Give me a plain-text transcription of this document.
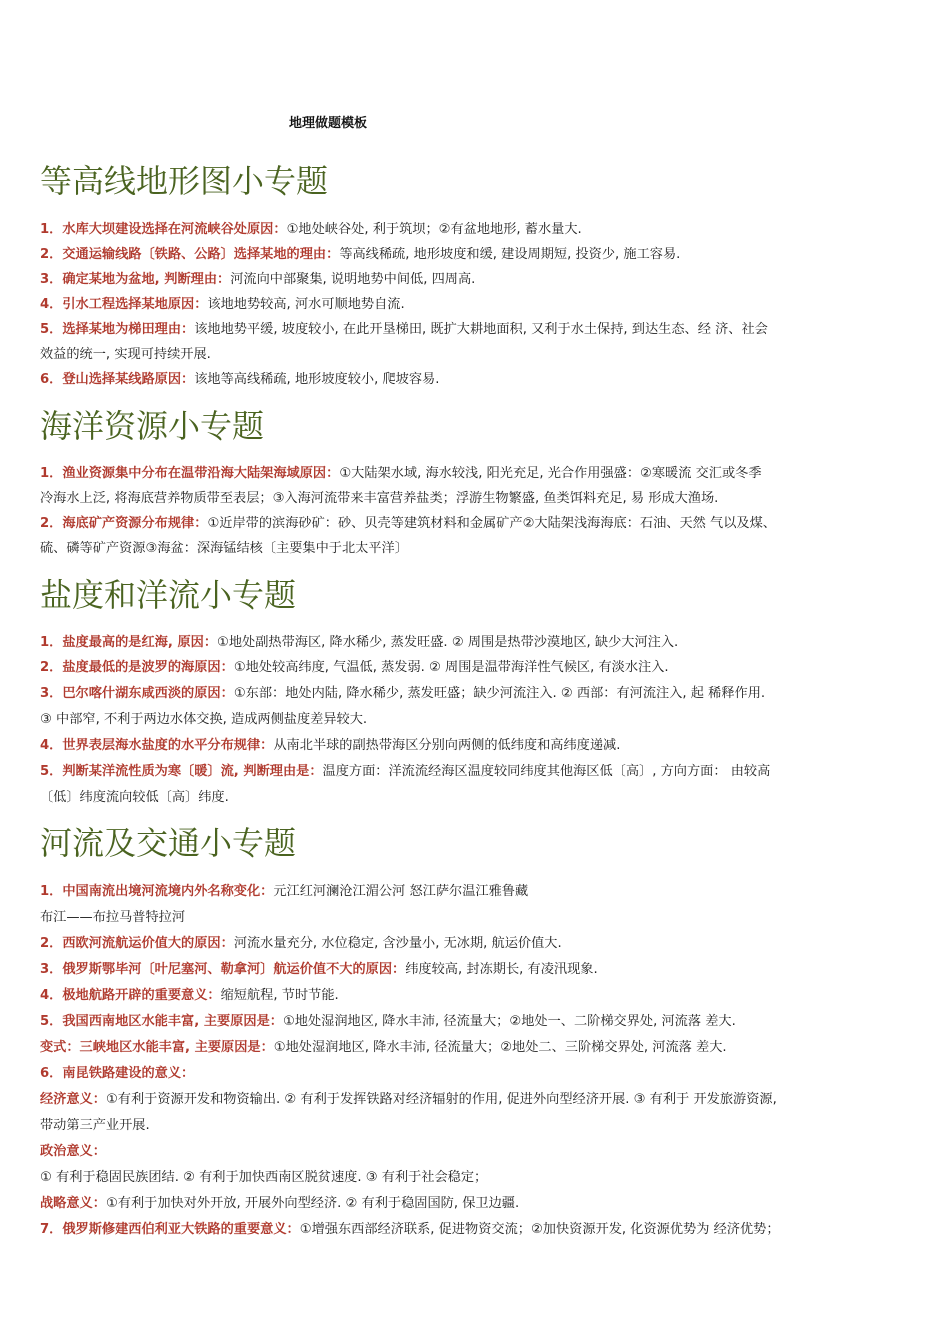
地理做题模板
等高线地形图小专题
1．水库大坝建设选择在河流峡谷处原因：①地处峡谷处, 利于筑坝；②有盆地地形, 蓄水量大.
2．交通运输线路〔铁路、公路〕选择某地的理由：等高线稀疏, 地形坡度和缓, 建设周期短, 投资少, 施工容易.
3．确定某地为盆地, 判断理由：河流向中部聚集, 说明地势中间低, 四周高.
4．引水工程选择某地原因：该地地势较高, 河水可顺地势自流.
5．选择某地为梯田理由：该地地势平缓, 坡度较小, 在此开垦梯田, 既扩大耕地面积, 又利于水土保持, 到达生态、经 济、社会
效益的统一, 实现可持续开展.
6．登山选择某线路原因：该地等高线稀疏, 地形坡度较小, 爬坡容易.
海洋资源小专题
1．渔业资源集中分布在温带沿海大陆架海域原因：①大陆架水域, 海水较浅, 阳光充足, 光合作用强盛：②寒暖流 交汇或冬季
冷海水上泛, 将海底营养物质带至表层；③入海河流带来丰富营养盐类；浮游生物繁盛, 鱼类饵料充足, 易 形成大渔场.
2．海底矿产资源分布规律：①近岸带的滨海砂矿：砂、贝壳等建筑材料和金属矿产②大陆架浅海海底：石油、天然 气以及煤、
硫、磷等矿产资源③海盆：深海锰结核〔主要集中于北太平洋〕
盐度和洋流小专题
1．盐度最高的是红海, 原因：①地处副热带海区, 降水稀少, 蒸发旺盛. ② 周围是热带沙漠地区, 缺少大河注入.
2．盐度最低的是波罗的海原因：①地处较高纬度, 气温低, 蒸发弱. ② 周围是温带海洋性气候区, 有淡水注入.
3．巴尔喀什湖东咸西淡的原因：①东部：地处内陆, 降水稀少, 蒸发旺盛；缺少河流注入. ② 西部：有河流注入, 起 稀释作用.
③ 中部窄, 不利于两边水体交换, 造成两侧盐度差异较大.
4．世界表层海水盐度的水平分布规律：从南北半球的副热带海区分别向两侧的低纬度和高纬度递减.
5．判断某洋流性质为寒〔暖〕流, 判断理由是：温度方面：洋流流经海区温度较同纬度其他海区低〔高〕, 方向方面： 由较高
〔低〕纬度流向较低〔高〕纬度.
河流及交通小专题
1．中国南流出境河流境内外名称变化：元江红河澜沧江湄公河 怒江萨尔温江雅鲁藏
布江——布拉马普特拉河
2．西欧河流航运价值大的原因：河流水量充分, 水位稳定, 含沙量小, 无冰期, 航运价值大.
3．俄罗斯鄂毕河〔叶尼塞河、勒拿河〕航运价值不大的原因：纬度较高, 封冻期长, 有凌汛现象.
4．极地航路开辟的重要意义：缩短航程, 节时节能.
5．我国西南地区水能丰富, 主要原因是：①地处湿润地区, 降水丰沛, 径流量大；②地处一、二阶梯交界处, 河流落 差大.
变式：三峡地区水能丰富, 主要原因是：①地处湿润地区, 降水丰沛, 径流量大；②地处二、三阶梯交界处, 河流落 差大.
6．南昆铁路建设的意义：
经济意义：①有利于资源开发和物资输出. ② 有利于发挥铁路对经济辐射的作用, 促进外向型经济开展. ③ 有利于 开发旅游资源,
带动第三产业开展.
政治意义：
① 有利于稳固民族团结. ② 有利于加快西南区脱贫速度. ③ 有利于社会稳定；
战略意义：①有利于加快对外开放, 开展外向型经济. ② 有利于稳固国防, 保卫边疆.
7．俄罗斯修建西伯利亚大铁路的重要意义：①增强东西部经济联系, 促进物资交流；②加快资源开发, 化资源优势为 经济优势；
